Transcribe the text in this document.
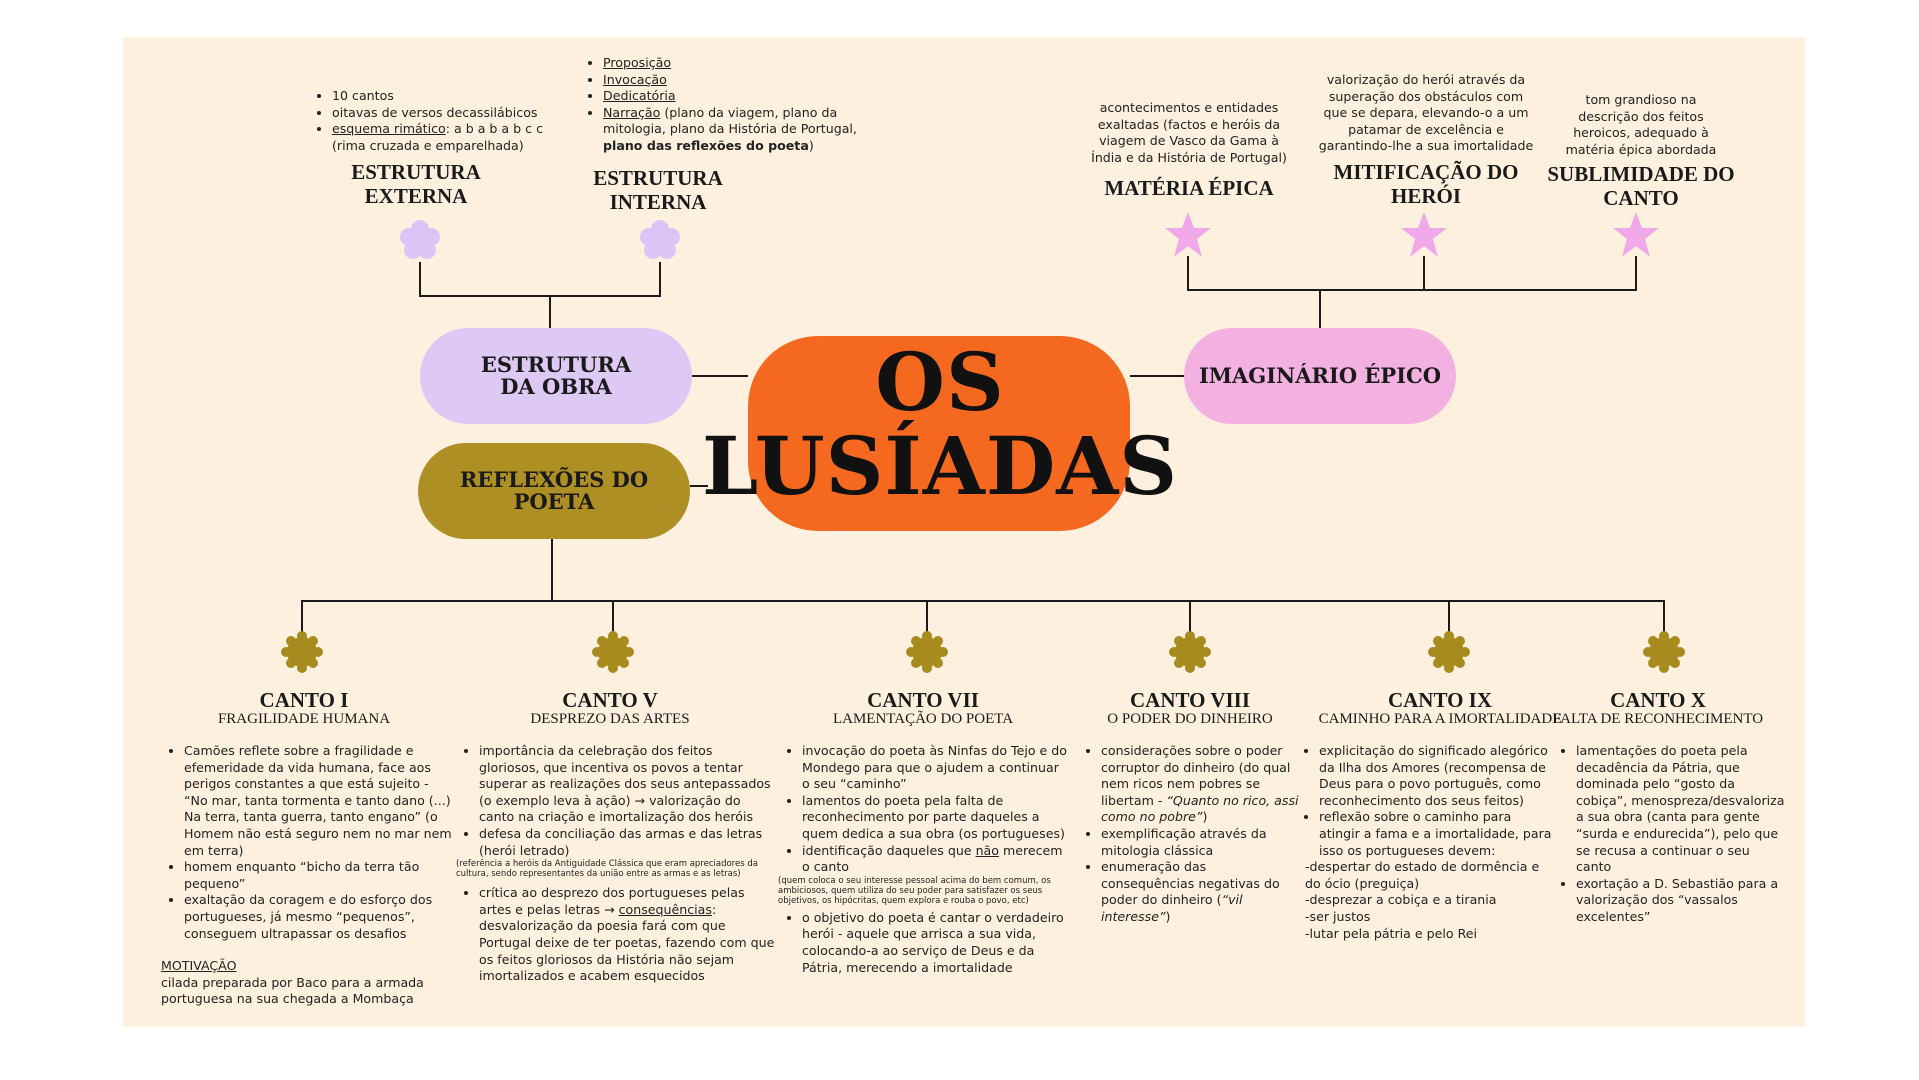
OS
LUSÍADAS
ESTRUTURA
DA OBRA
REFLEXÕES DO
POETA
IMAGINÁRIO ÉPICO
• 10 cantos
• oitavas de versos decassilábicos
• esquema rimático: a b a b a b c c
(rima cruzada e emparelhada)
ESTRUTURA
EXTERNA
• Proposição
• Invocação
• Dedicatória
• Narração (plano da viagem, plano da
mitologia, plano da História de Portugal,
plano das reflexões do poeta)
ESTRUTURA
INTERNA
acontecimentos e entidades
exaltadas (factos e heróis da
viagem de Vasco da Gama à
Índia e da História de Portugal)
MATÉRIA ÉPICA
valorização do herói através da
superação dos obstáculos com
que se depara, elevando-o a um
patamar de excelência e
garantindo-lhe a sua imortalidade
MITIFICAÇÃO DO
HERÓI
tom grandioso na
descrição dos feitos
heroicos, adequado à
matéria épica abordada
SUBLIMIDADE DO
CANTO
CANTO I
FRAGILIDADE HUMANA
CANTO V
DESPREZO DAS ARTES
CANTO VII
LAMENTAÇÃO DO POETA
CANTO VIII
O PODER DO DINHEIRO
CANTO IX
CAMINHO PARA A IMORTALIDADE
CANTO X
FALTA DE RECONHECIMENTO
• Camões reflete sobre a fragilidade e efemeridade da vida humana, face aos perigos constantes a que está sujeito - “No mar, tanta tormenta e tanto dano (...) Na terra, tanta guerra, tanto engano” (o Homem não está seguro nem no mar nem em terra)
• homem enquanto “bicho da terra tão pequeno”
• exaltação da coragem e do esforço dos portugueses, já mesmo “pequenos”, conseguem ultrapassar os desafios
MOTIVAÇÃO
cilada preparada por Baco para a armada portuguesa na sua chegada a Mombaça
• importância da celebração dos feitos gloriosos, que incentiva os povos a tentar superar as realizações dos seus antepassados (o exemplo leva à ação) → valorização do canto na criação e imortalização dos heróis
• defesa da conciliação das armas e das letras (herói letrado)
(referência a heróis da Antiguidade Clássica que eram apreciadores da cultura, sendo representantes da união entre as armas e as letras)
• crítica ao desprezo dos portugueses pelas artes e pelas letras → consequências: desvalorização da poesia fará com que Portugal deixe de ter poetas, fazendo com que os feitos gloriosos da História não sejam imortalizados e acabem esquecidos
• invocação do poeta às Ninfas do Tejo e do Mondego para que o ajudem a continuar o seu “caminho”
• lamentos do poeta pela falta de reconhecimento por parte daqueles a quem dedica a sua obra (os portugueses)
• identificação daqueles que não merecem o canto
(quem coloca o seu interesse pessoal acima do bem comum, os ambiciosos, quem utiliza do seu poder para satisfazer os seus objetivos, os hipócritas, quem explora e rouba o povo, etc)
• o objetivo do poeta é cantar o verdadeiro herói - aquele que arrisca a sua vida, colocando-a ao serviço de Deus e da Pátria, merecendo a imortalidade
• considerações sobre o poder corruptor do dinheiro (do qual nem ricos nem pobres se libertam - “Quanto no rico, assi como no pobre”)
• exemplificação através da mitologia clássica
• enumeração das consequências negativas do poder do dinheiro (“vil interesse”)
• explicitação do significado alegórico da Ilha dos Amores (recompensa de Deus para o povo português, como reconhecimento dos seus feitos)
• reflexão sobre o caminho para atingir a fama e a imortalidade, para isso os portugueses devem:
-despertar do estado de dormência e do ócio (preguiça)
-desprezar a cobiça e a tirania
-ser justos
-lutar pela pátria e pelo Rei
• lamentações do poeta pela decadência da Pátria, que dominada pelo “gosto da cobiça”, menospreza/desvaloriza a sua obra (canta para gente “surda e endurecida”), pelo que se recusa a continuar o seu canto
• exortação a D. Sebastião para a valorização dos “vassalos excelentes”
